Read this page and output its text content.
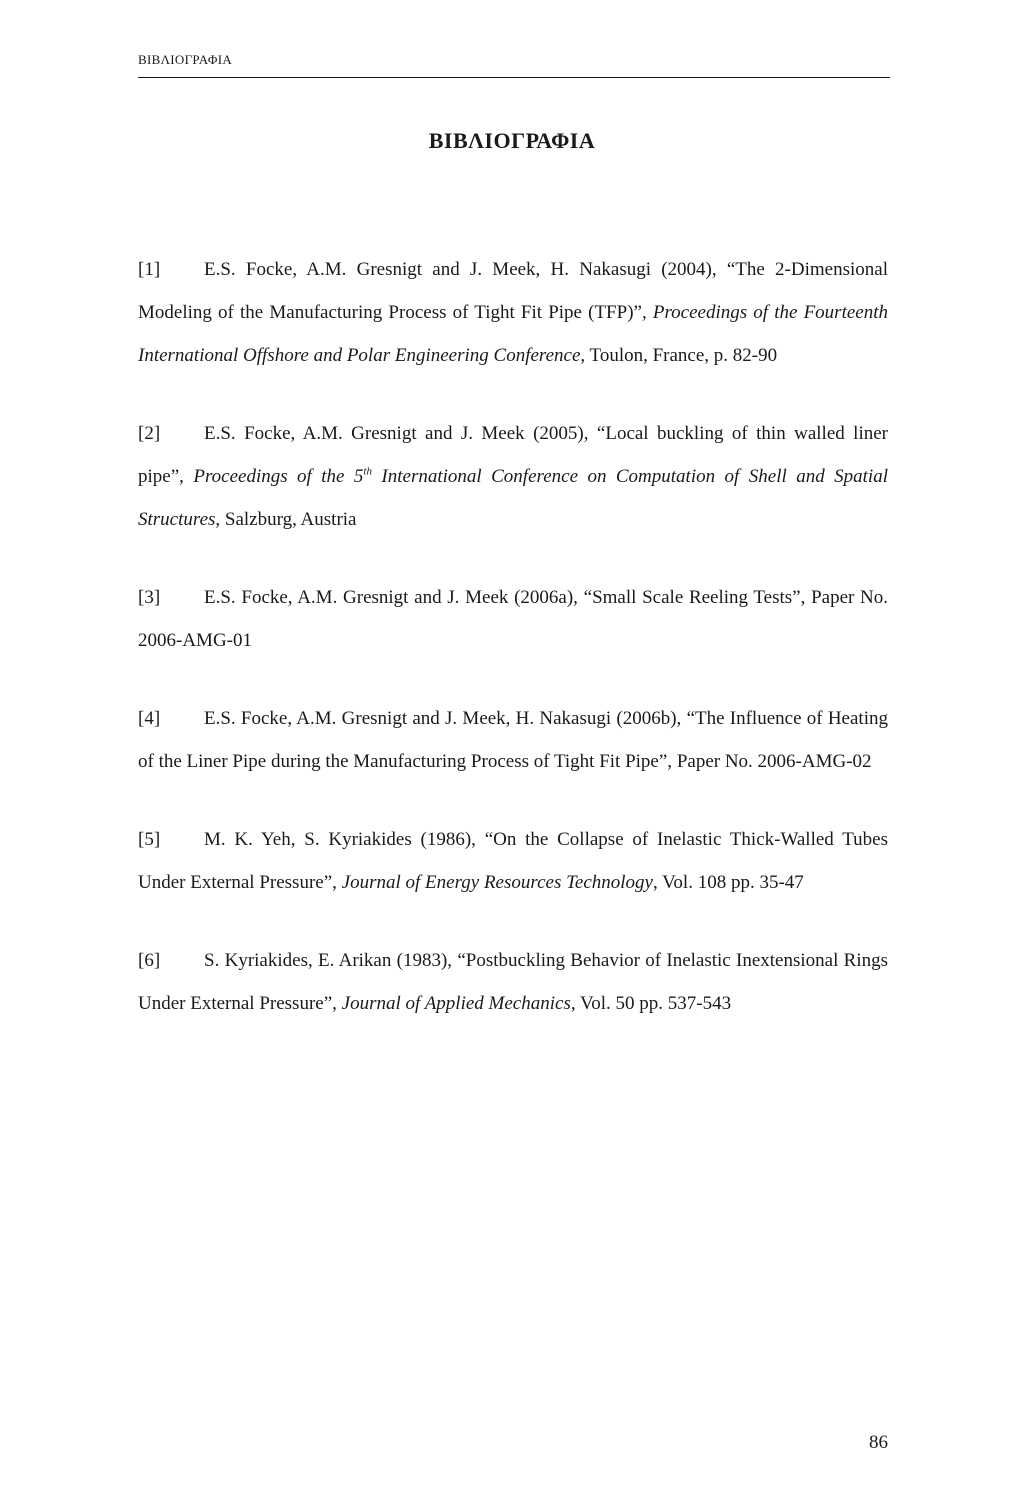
ΒΙΒΛΙΟΓΡΑΦΙΑ
ΒΙΒΛΙΟΓΡΑΦΙΑ
[1] E.S. Focke, A.M. Gresnigt and J. Meek, H. Nakasugi (2004), “The 2-Dimensional Modeling of the Manufacturing Process of Tight Fit Pipe (TFP)”, Proceedings of the Fourteenth International Offshore and Polar Engineering Conference, Toulon, France, p. 82-90
[2] E.S. Focke, A.M. Gresnigt and J. Meek (2005), “Local buckling of thin walled liner pipe”, Proceedings of the 5th International Conference on Computation of Shell and Spatial Structures, Salzburg, Austria
[3] E.S. Focke, A.M. Gresnigt and J. Meek (2006a), “Small Scale Reeling Tests”, Paper No. 2006-AMG-01
[4] E.S. Focke, A.M. Gresnigt and J. Meek, H. Nakasugi (2006b), “The Influence of Heating of the Liner Pipe during the Manufacturing Process of Tight Fit Pipe”, Paper No. 2006-AMG-02
[5] M. K. Yeh, S. Kyriakides (1986), “On the Collapse of Inelastic Thick-Walled Tubes Under External Pressure”, Journal of Energy Resources Technology, Vol. 108 pp. 35-47
[6] S. Kyriakides, E. Arikan (1983), “Postbuckling Behavior of Inelastic Inextensional Rings Under External Pressure”, Journal of Applied Mechanics, Vol. 50 pp. 537-543
86
